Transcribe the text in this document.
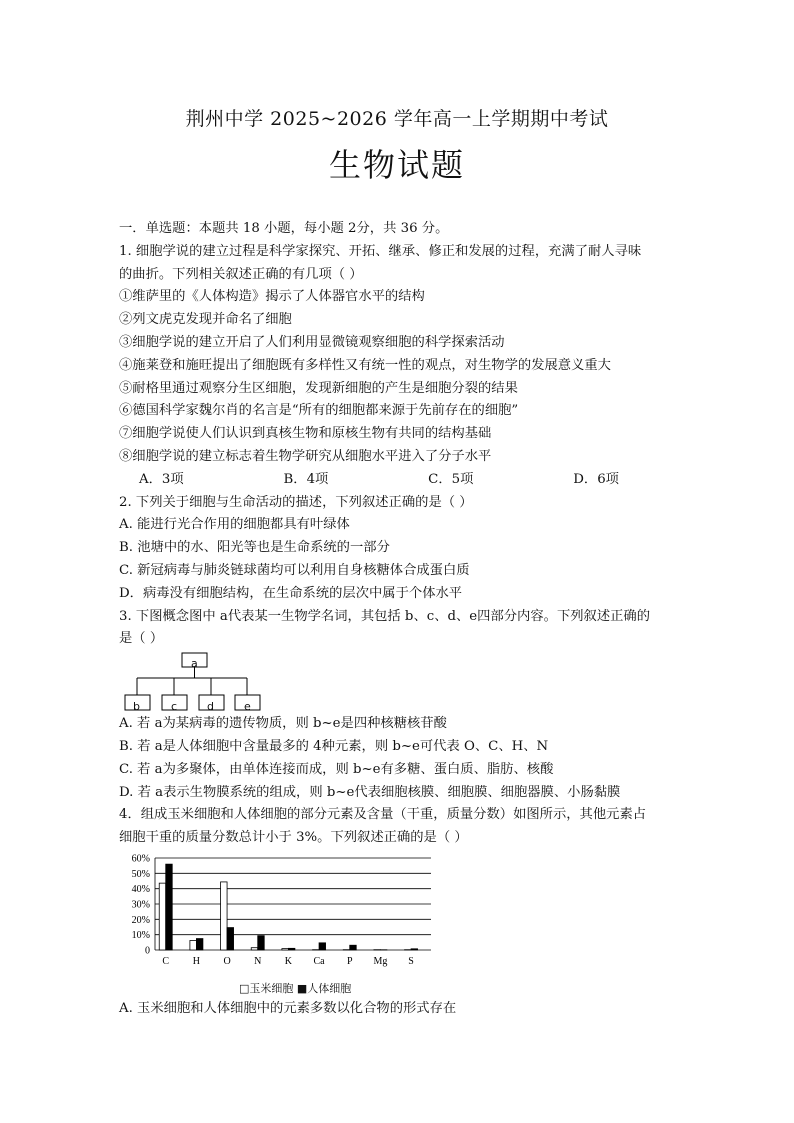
荆州中学 2025~2026 学年高一上学期期中考试
生物试题
一．单选题：本题共 18 小题，每小题 2分，共 36 分。
1. 细胞学说的建立过程是科学家探究、开拓、继承、修正和发展的过程，充满了耐人寻味
的曲折。下列相关叙述正确的有几项（ ）
①维萨里的《人体构造》揭示了人体器官水平的结构
②列文虎克发现并命名了细胞
③细胞学说的建立开启了人们利用显微镜观察细胞的科学探索活动
④施莱登和施旺提出了细胞既有多样性又有统一性的观点，对生物学的发展意义重大
⑤耐格里通过观察分生区细胞，发现新细胞的产生是细胞分裂的结果
⑥德国科学家魏尔肖的名言是“所有的细胞都来源于先前存在的细胞”
⑦细胞学说使人们认识到真核生物和原核生物有共同的结构基础
⑧细胞学说的建立标志着生物学研究从细胞水平进入了分子水平
A．3项	B．4项	C．5项	D．6项
2. 下列关于细胞与生命活动的描述，下列叙述正确的是（ ）
A. 能进行光合作用的细胞都具有叶绿体
B. 池塘中的水、阳光等也是生命系统的一部分
C. 新冠病毒与肺炎链球菌均可以利用自身核糖体合成蛋白质
D．病毒没有细胞结构，在生命系统的层次中属于个体水平
3. 下图概念图中 a代表某一生物学名词，其包括 b、c、d、e四部分内容。下列叙述正确的
是（ ）
a
b	c	d	e
A. 若 a为某病毒的遗传物质，则 b~e是四种核糖核苷酸
B. 若 a是人体细胞中含量最多的 4种元素，则 b~e可代表 O、C、H、N
C. 若 a为多聚体，由单体连接而成，则 b~e有多糖、蛋白质、脂肪、核酸
D. 若 a表示生物膜系统的组成，则 b~e代表细胞核膜、细胞膜、细胞器膜、小肠黏膜
4．组成玉米细胞和人体细胞的部分元素及含量（干重，质量分数）如图所示，其他元素占
细胞干重的质量分数总计小于 3%。下列叙述正确的是（ ）
0
10%
20%
30%
40%
50%
60%
C H O N K Ca P Mg S
□玉米细胞 ■人体细胞
A. 玉米细胞和人体细胞中的元素多数以化合物的形式存在
